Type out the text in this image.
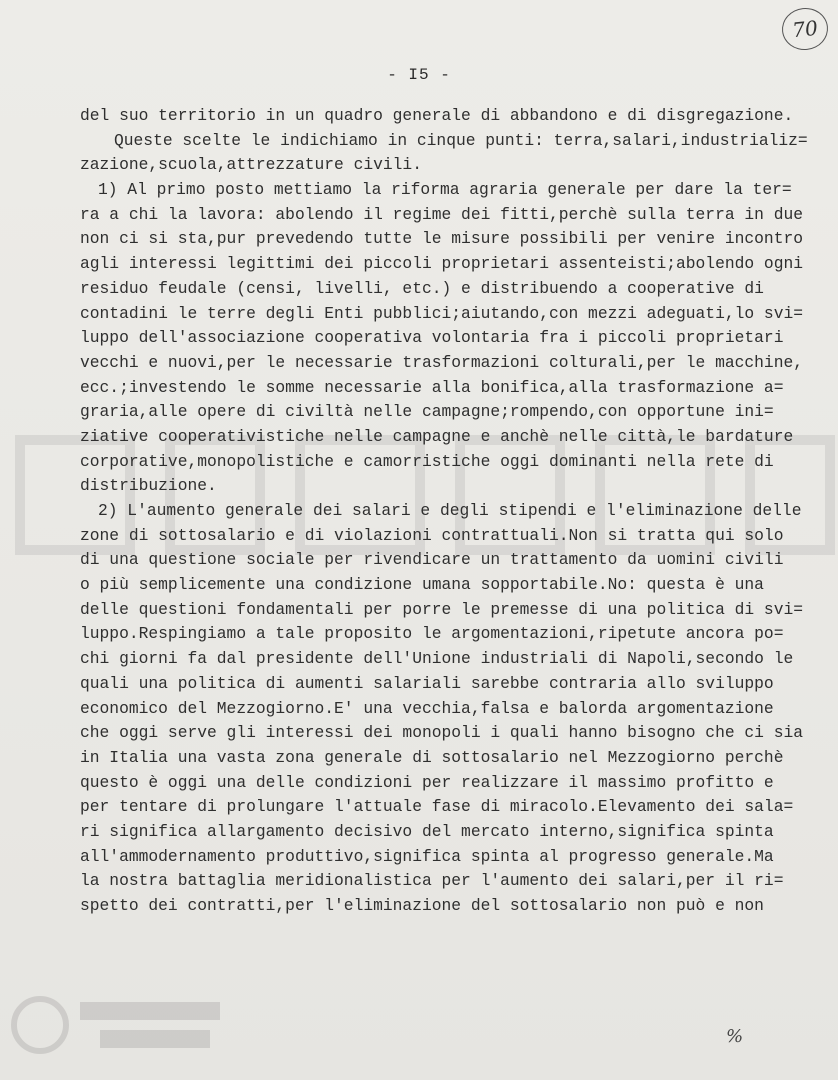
70
- I5 -
del suo territorio in un quadro generale di abbandono e di disgregazione.
Queste scelte le indichiamo in cinque punti: terra,salari,industrializ=
zazione,scuola,attrezzature civili.
1) Al primo posto mettiamo la riforma agraria generale per dare la ter=
ra a chi la lavora: abolendo il regime dei fitti,perchè sulla terra in due
non ci si sta,pur prevedendo tutte le misure possibili per venire incontro
agli interessi legittimi dei piccoli proprietari assenteisti;abolendo ogni
residuo feudale (censi, livelli, etc.) e distribuendo a cooperative di
contadini le terre degli Enti pubblici;aiutando,con mezzi adeguati,lo svi=
luppo dell'associazione cooperativa volontaria fra i piccoli proprietari
vecchi e nuovi,per le necessarie trasformazioni colturali,per le macchine,
ecc.;investendo le somme necessarie alla bonifica,alla trasformazione a=
graria,alle opere di civiltà nelle campagne;rompendo,con opportune ini=
ziative cooperativistiche nelle campagne e anchè nelle città,le bardature
corporative,monopolistiche e camorristiche oggi dominanti nella rete di
distribuzione.
2) L'aumento generale dei salari e degli stipendi e l'eliminazione delle
zone di sottosalario e di violazioni contrattuali.Non si tratta qui solo
di una questione sociale per rivendicare un trattamento da uomini civili
o più semplicemente una condizione umana sopportabile.No: questa è una
delle questioni fondamentali per porre le premesse di una politica di svi=
luppo.Respingiamo a tale proposito le argomentazioni,ripetute ancora po=
chi giorni fa dal presidente dell'Unione industriali di Napoli,secondo le
quali una politica di aumenti salariali sarebbe contraria allo sviluppo
economico del Mezzogiorno.E' una vecchia,falsa e balorda argomentazione
che oggi serve gli interessi dei monopoli i quali hanno bisogno che ci sia
in Italia una vasta zona generale di sottosalario nel Mezzogiorno perchè
questo è oggi una delle condizioni per realizzare il massimo profitto e
per tentare di prolungare l'attuale fase di miracolo.Elevamento dei sala=
ri significa allargamento decisivo del mercato interno,significa spinta
all'ammodernamento produttivo,significa spinta al progresso generale.Ma
la nostra battaglia meridionalistica per l'aumento dei salari,per il ri=
spetto dei contratti,per l'eliminazione del sottosalario non può e non
%
